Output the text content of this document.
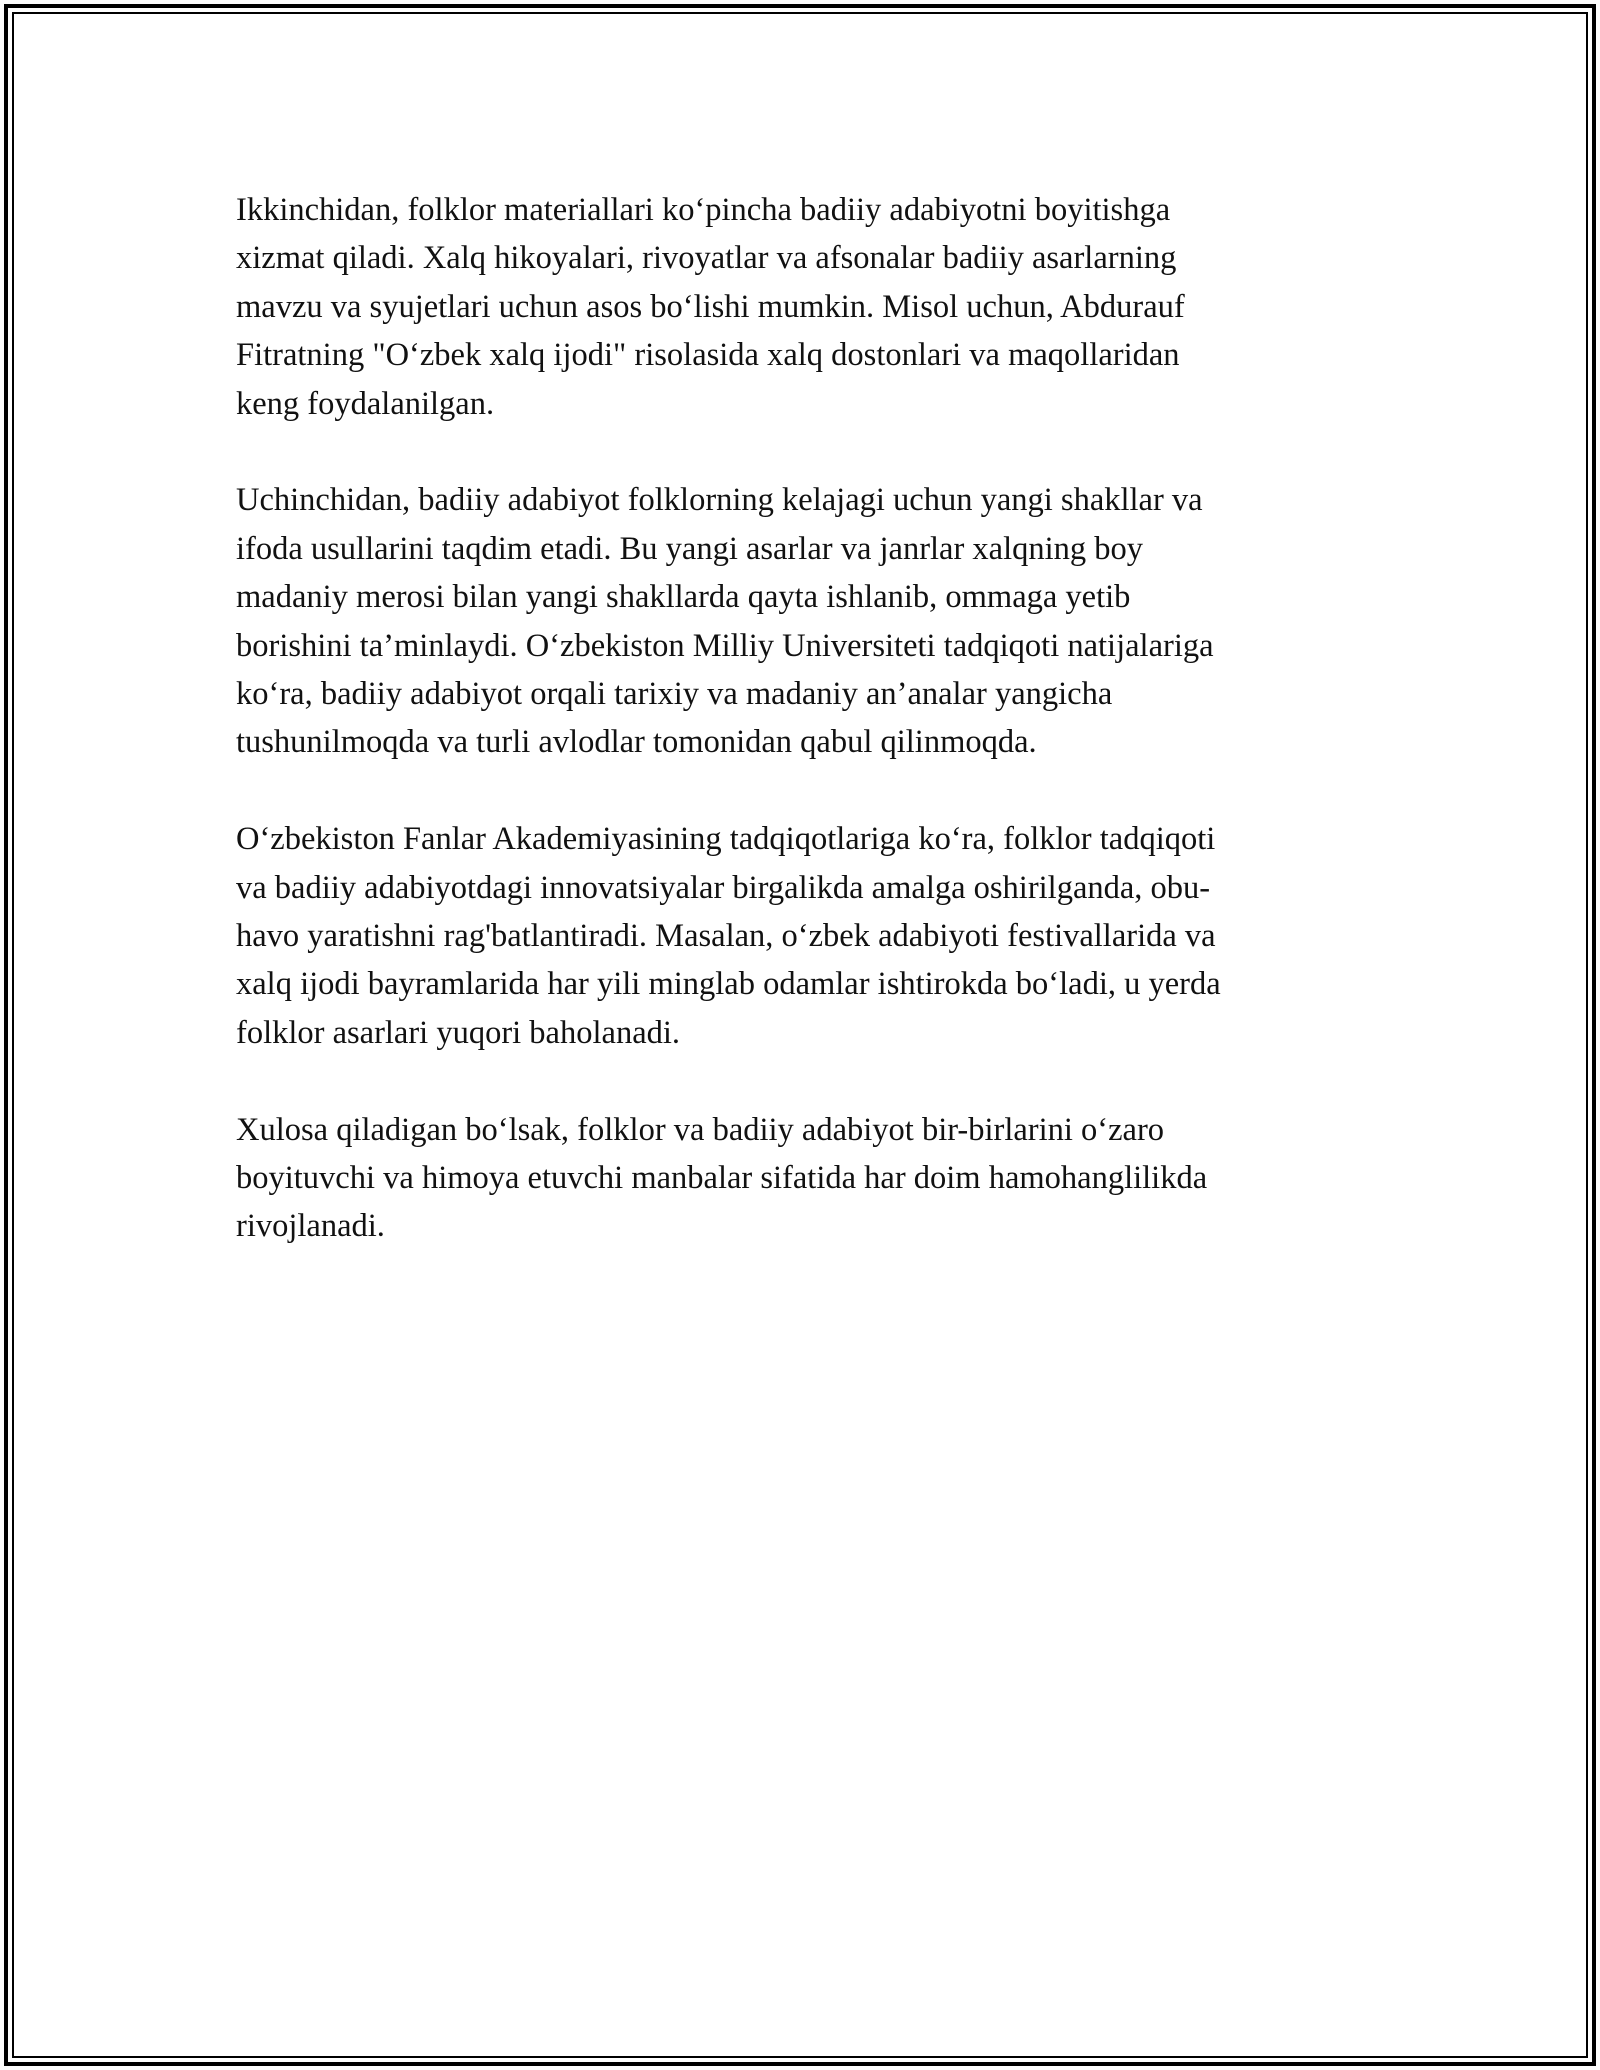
Ikkinchidan, folklor materiallari ko‘pincha badiiy adabiyotni boyitishga
xizmat qiladi. Xalq hikoyalari, rivoyatlar va afsonalar badiiy asarlarning
mavzu va syujetlari uchun asos bo‘lishi mumkin. Misol uchun, Abdurauf
Fitratning "O‘zbek xalq ijodi" risolasida xalq dostonlari va maqollaridan
keng foydalanilgan.

Uchinchidan, badiiy adabiyot folklorning kelajagi uchun yangi shakllar va
ifoda usullarini taqdim etadi. Bu yangi asarlar va janrlar xalqning boy
madaniy merosi bilan yangi shakllarda qayta ishlanib, ommaga yetib
borishini ta’minlaydi. O‘zbekiston Milliy Universiteti tadqiqoti natijalariga
ko‘ra, badiiy adabiyot orqali tarixiy va madaniy an’analar yangicha
tushunilmoqda va turli avlodlar tomonidan qabul qilinmoqda.

O‘zbekiston Fanlar Akademiyasining tadqiqotlariga ko‘ra, folklor tadqiqoti
va badiiy adabiyotdagi innovatsiyalar birgalikda amalga oshirilganda, obu-
havo yaratishni rag'batlantiradi. Masalan, o‘zbek adabiyoti festivallarida va
xalq ijodi bayramlarida har yili minglab odamlar ishtirokda bo‘ladi, u yerda
folklor asarlari yuqori baholanadi.

Xulosa qiladigan bo‘lsak, folklor va badiiy adabiyot bir-birlarini o‘zaro
boyituvchi va himoya etuvchi manbalar sifatida har doim hamohanglilikda
rivojlanadi.
